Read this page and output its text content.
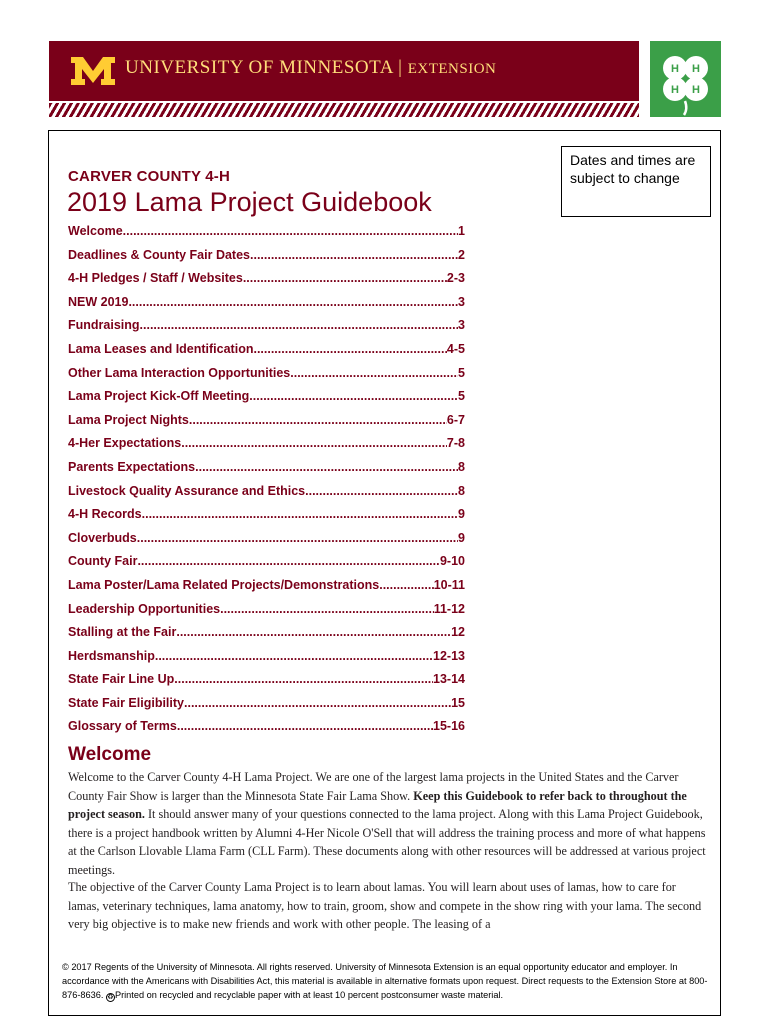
UNIVERSITY OF MINNESOTA | EXTENSION	H H
H H
Dates and times are subject to change
CARVER COUNTY 4-H
2019 Lama Project Guidebook
Welcome .....	1
Deadlines & County Fair Dates .....	2
4-H Pledges / Staff / Websites .....	2-3
NEW 2019 .....	3
Fundraising .....	3
Lama Leases and Identification .....	4-5
Other Lama Interaction Opportunities .....	5
Lama Project Kick-Off Meeting .....	5
Lama Project Nights .....	6-7
4-Her Expectations .....	7-8
Parents Expectations .....	8
Livestock Quality Assurance and Ethics .....	8
4-H Records .....	9
Cloverbuds .....	9
County Fair .....	9-10
Lama Poster/Lama Related Projects/Demonstrations .....	10-11
Leadership Opportunities .....	11-12
Stalling at the Fair .....	12
Herdsmanship .....	12-13
State Fair Line Up .....	13-14
State Fair Eligibility .....	15
Glossary of Terms .....	15-16
Welcome
Welcome to the Carver County 4-H Lama Project. We are one of the largest lama projects in the United States and the Carver County Fair Show is larger than the Minnesota State Fair Lama Show. Keep this Guidebook to refer back to throughout the project season. It should answer many of your questions connected to the lama project. Along with this Lama Project Guidebook, there is a project handbook written by Alumni 4-Her Nicole O'Sell that will address the training process and more of what happens at the Carlson Llovable Llama Farm (CLL Farm). These documents along with other resources will be addressed at various project meetings.
The objective of the Carver County Lama Project is to learn about lamas. You will learn about uses of lamas, how to care for lamas, veterinary techniques, lama anatomy, how to train, groom, show and compete in the show ring with your lama. The second very big objective is to make new friends and work with other people. The leasing of a
© 2017 Regents of the University of Minnesota. All rights reserved. University of Minnesota Extension is an equal opportunity educator and employer. In accordance with the Americans with Disabilities Act, this material is available in alternative formats upon request. Direct requests to the Extension Store at 800-876-8636. ♻Printed on recycled and recyclable paper with at least 10 percent postconsumer waste material.
